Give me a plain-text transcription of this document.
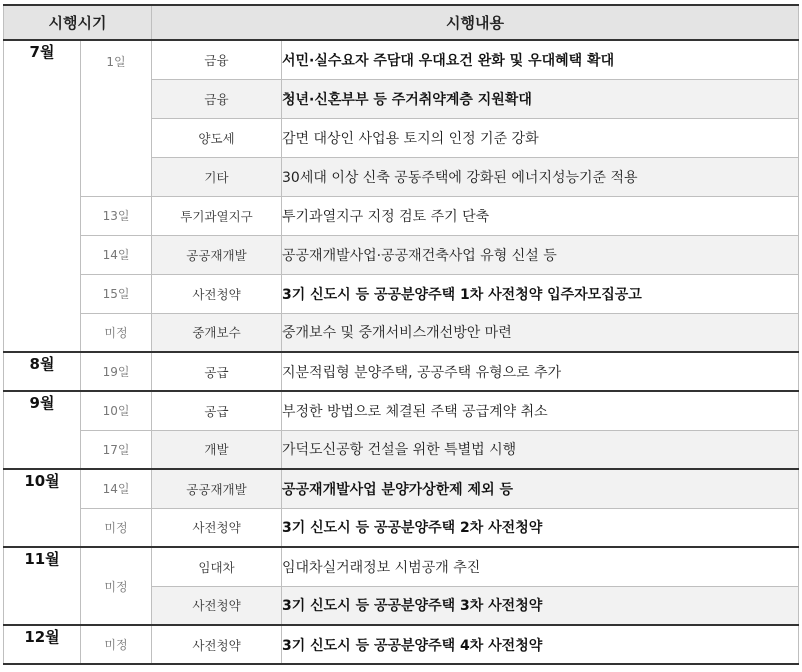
시행시기		시행내용	
7월	1일	금융	서민·실수요자 주담대 우대요건 완화 및 우대혜택 확대
		금융	청년·신혼부부 등 주거취약계층 지원확대
		양도세	감면 대상인 사업용 토지의 인정 기준 강화
		기타	30세대 이상 신축 공동주택에 강화된 에너지성능기준 적용
	13일	투기과열지구	투기과열지구 지정 검토 주기 단축
	14일	공공재개발	공공재개발사업·공공재건축사업 유형 신설 등
	15일	사전청약	3기 신도시 등 공공분양주택 1차 사전청약 입주자모집공고
	미정	중개보수	중개보수 및 중개서비스개선방안 마련
8월	19일	공급	지분적립형 분양주택, 공공주택 유형으로 추가
9월	10일	공급	부정한 방법으로 체결된 주택 공급계약 취소
	17일	개발	가덕도신공항 건설을 위한 특별법 시행
10월	14일	공공재개발	공공재개발사업 분양가상한제 제외 등
	미정	사전청약	3기 신도시 등 공공분양주택 2차 사전청약
11월	미정	임대차	임대차실거래정보 시범공개 추진
		사전청약	3기 신도시 등 공공분양주택 3차 사전청약
12월	미정	사전청약	3기 신도시 등 공공분양주택 4차 사전청약
